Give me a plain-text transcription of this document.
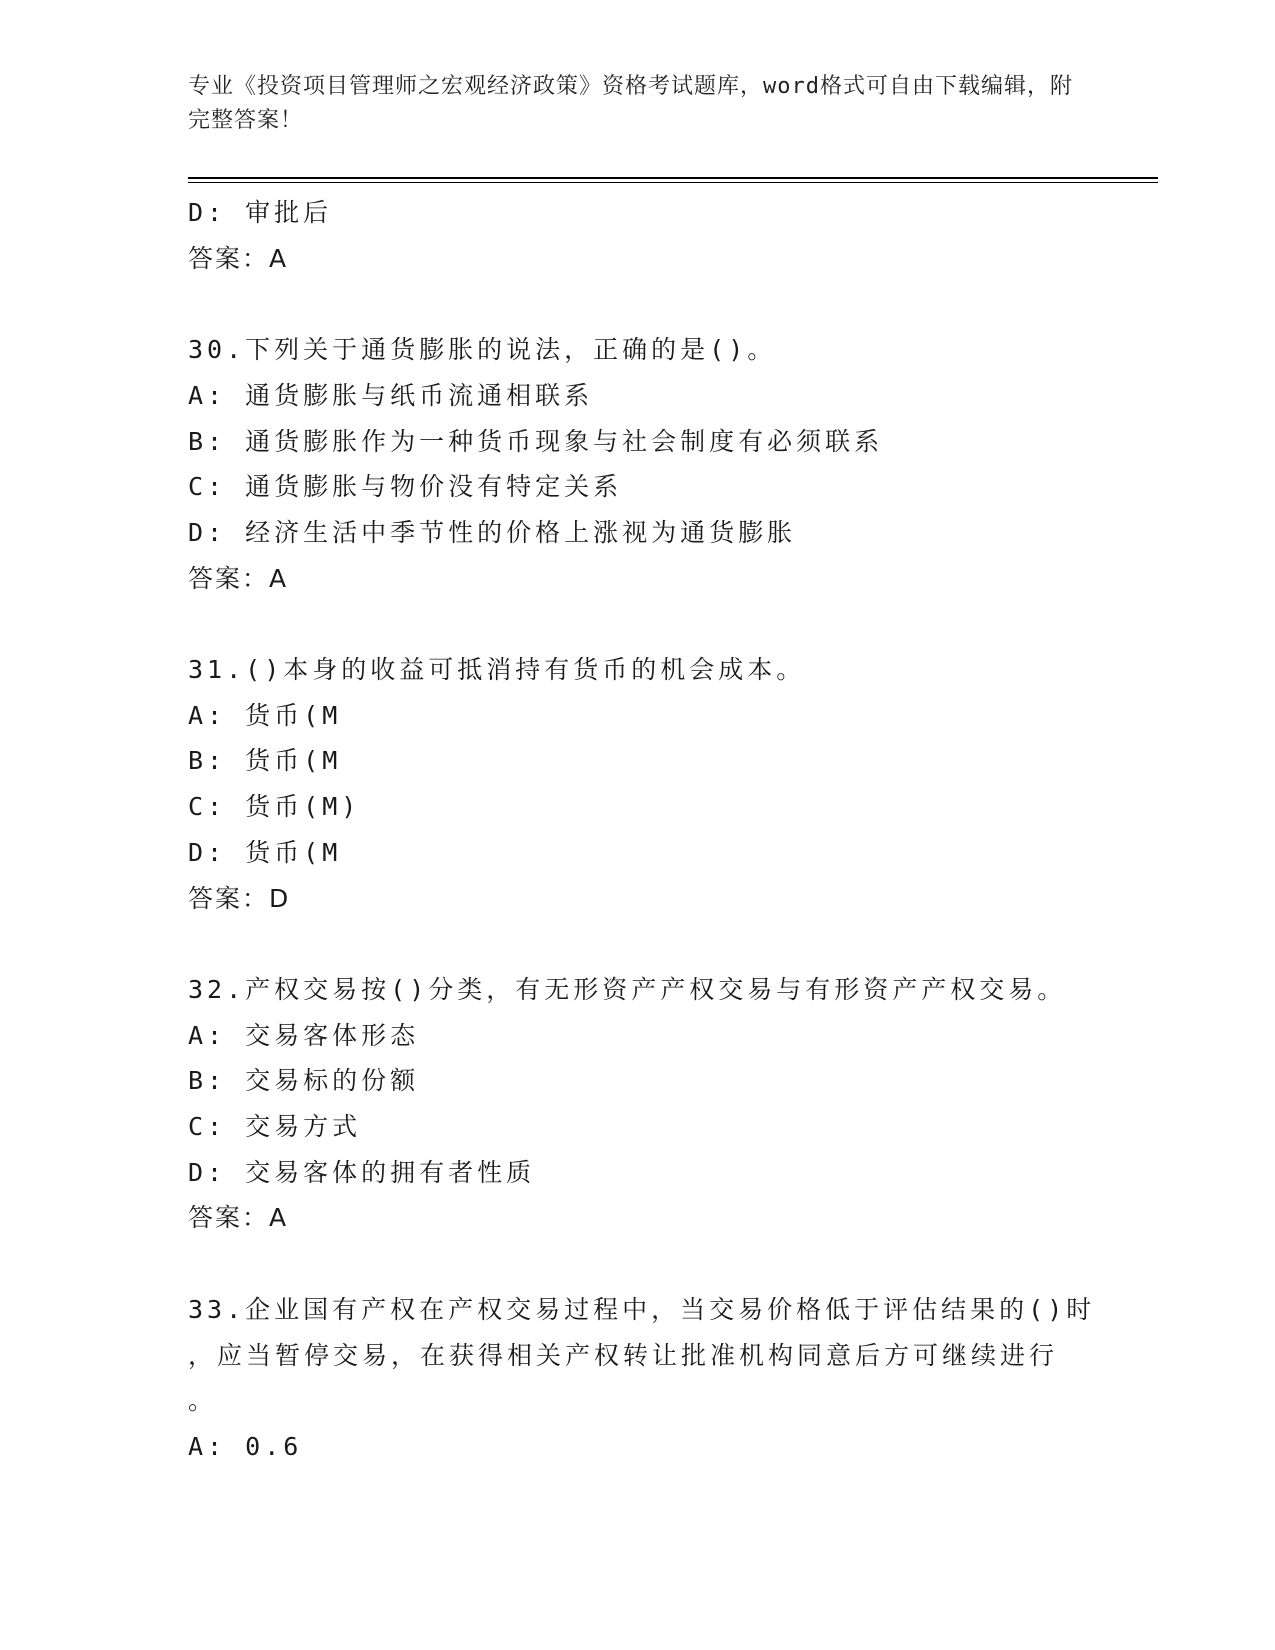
专业《投资项目管理师之宏观经济政策》资格考试题库，word格式可自由下载编辑，附完整答案！
D: 审批后
答案：A
30.下列关于通货膨胀的说法，正确的是()。
A: 通货膨胀与纸币流通相联系
B: 通货膨胀作为一种货币现象与社会制度有必须联系
C: 通货膨胀与物价没有特定关系
D: 经济生活中季节性的价格上涨视为通货膨胀
答案：A
31.()本身的收益可抵消持有货币的机会成本。
A: 货币(M
B: 货币(M
C: 货币(M)
D: 货币(M
答案：D
32.产权交易按()分类，有无形资产产权交易与有形资产产权交易。
A: 交易客体形态
B: 交易标的份额
C: 交易方式
D: 交易客体的拥有者性质
答案：A
33.企业国有产权在产权交易过程中，当交易价格低于评估结果的()时
，应当暂停交易，在获得相关产权转让批准机构同意后方可继续进行
。
A: 0.6
